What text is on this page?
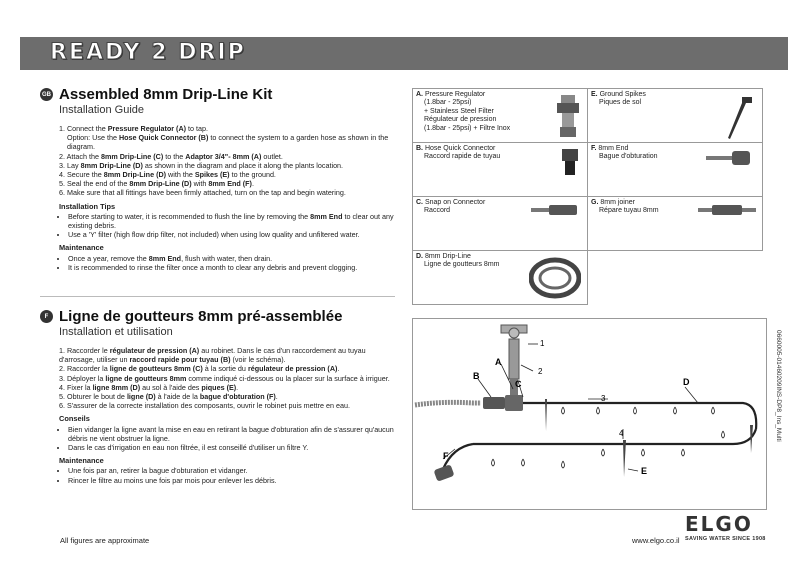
READY 2 DRIP
GB Assembled 8mm Drip-Line Kit
Installation Guide
1. Connect the Pressure Regulator (A) to tap.
Option: Use the Hose Quick Connector (B) to connect the system to a garden hose as shown in the diagram.
2. Attach the 8mm Drip-Line (C) to the Adaptor 3/4"- 8mm (A) outlet.
3. Lay 8mm Drip-Line (D) as shown in the diagram and place it along the plants location.
4. Secure the 8mm Drip-Line (D) with the Spikes (E) to the ground.
5. Seal the end of the 8mm Drip-Line (D) with 8mm End (F).
6. Make sure that all fittings have been firmly attached, turn on the tap and begin watering.
Installation Tips
• Before starting to water, it is recommended to flush the line by removing the 8mm End to clear out any existing debris.
• Use a 'Y' filter (high flow drip filter, not included) when using low quality and unfiltered water.
Maintenance
• Once a year, remove the 8mm End, flush with water, then drain.
• It is recommended to rinse the filter once a month to clear any debris and prevent clogging.
F Ligne de goutteurs 8mm pré-assemblée
Installation et utilisation
1. Raccorder le régulateur de pression (A) au robinet. Dans le cas d'un raccordement au tuyau d'arrosage, utiliser un raccord rapide pour tuyau (B) (voir le schéma).
2. Raccorder la ligne de goutteurs 8mm (C) à la sortie du régulateur de pression (A).
3. Déployer la ligne de goutteurs 8mm comme indiqué ci-dessous ou la placer sur la surface à irriguer.
4. Fixer la ligne 8mm (D) au sol à l'aide des piques (E).
5. Obturer le bout de ligne (D) à l'aide de la bague d'obturation (F).
6. S'assurer de la correcte installation des composants, ouvrir le robinet puis mettre en eau.
Conseils
• Bien vidanger la ligne avant la mise en eau en retirant la bague d'obturation afin de s'assurer qu'aucun débris ne vient obstruer la ligne.
• Dans le cas d'irrigation en eau non filtrée, il est conseillé d'utiliser un filtre Y.
Maintenance
• Une fois par an, retirer la bague d'obturation et vidanger.
• Rincer le filtre au moins une fois par mois pour enlever les débris.
A. Pressure Regulator
(1.8bar - 25psi)
+ Stainless Steel Filter
Régulateur de pression
(1.8bar - 25psi) + Filtre Inox	E. Ground Spikes
Piques de sol

B. Hose Quick Connector
Raccord rapide de tuyau	F. 8mm End
Bague d'obturation

C. Snap on Connector
Raccord	G. 8mm joiner
Répare tuyau 8mm

D. 8mm Drip-Line
Ligne de goutteurs 8mm	

A
B
C	D
E
F
1
2
3
4	0660005-01460209INS-DP8_Ins_Multi
All figures are approximate	www.elgo.co.il
ELGO
SAVING WATER SINCE 1908
